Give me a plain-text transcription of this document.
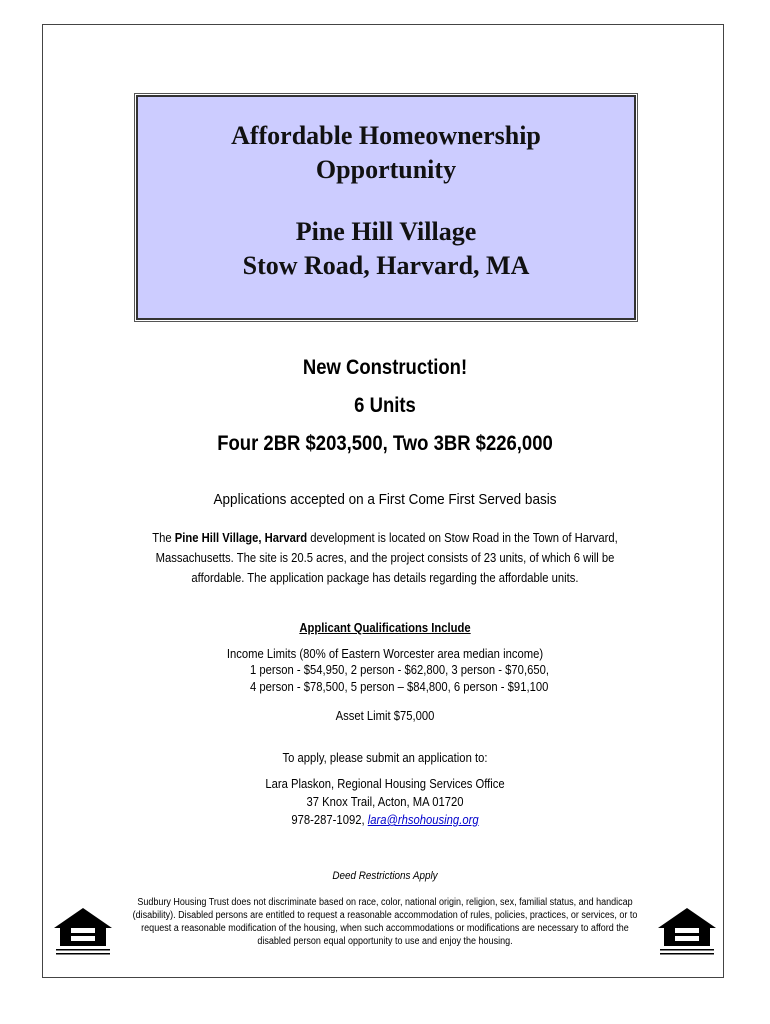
Affordable Homeownership
Opportunity
Pine Hill Village
Stow Road, Harvard, MA
New Construction!
6 Units
Four 2BR $203,500, Two 3BR $226,000
Applications accepted on a First Come First Served basis
The Pine Hill Village, Harvard development is located on Stow Road in the Town of Harvard,
Massachusetts. The site is 20.5 acres, and the project consists of 23 units, of which 6 will be
affordable. The application package has details regarding the affordable units.
Applicant Qualifications Include
Income Limits (80% of Eastern Worcester area median income)
1 person - $54,950, 2 person - $62,800, 3 person - $70,650,
4 person - $78,500, 5 person – $84,800, 6 person - $91,100
Asset Limit $75,000
To apply, please submit an application to:
Lara Plaskon, Regional Housing Services Office
37 Knox Trail, Acton, MA 01720
978-287-1092, lara@rhsohousing.org
Deed Restrictions Apply
Sudbury Housing Trust does not discriminate based on race, color, national origin, religion, sex, familial status, and handicap
(disability). Disabled persons are entitled to request a reasonable accommodation of rules, policies, practices, or services, or to
request a reasonable modification of the housing, when such accommodations or modifications are necessary to afford the
disabled person equal opportunity to use and enjoy the housing.
